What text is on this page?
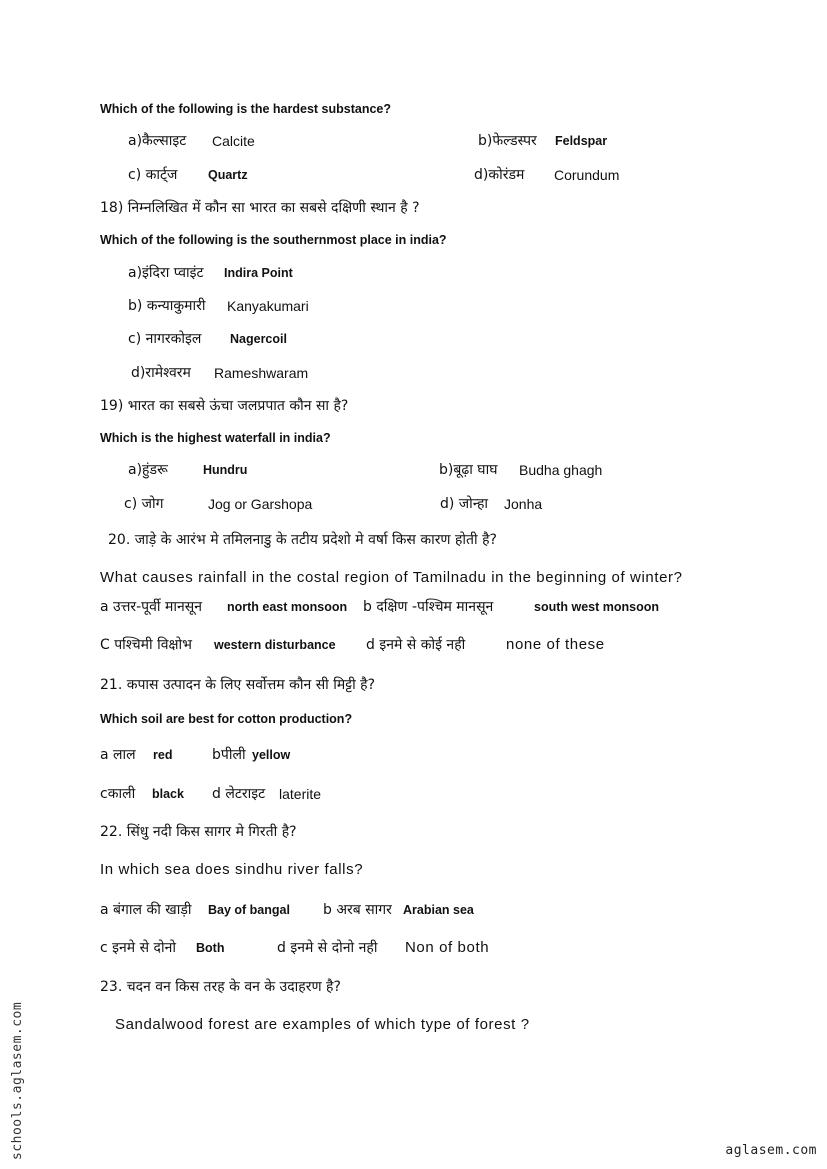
Which of the following is the hardest substance?
a)कैल्साइट Calcite	b)फेल्डस्पर Feldspar
c) कार्ट्ज Quartz	d)कोरंडम Corundum
18) निम्नलिखित में कौन सा भारत का सबसे दक्षिणी स्थान है ?
Which of the following is the southernmost place in india?
a)इंदिरा प्वाइंट Indira Point
b) कन्याकुमारी Kanyakumari
c) नागरकोइल Nagercoil
d)रामेश्वरम Rameshwaram
19) भारत का सबसे ऊंचा जलप्रपात कौन सा है?
Which is the highest waterfall in india?
a)हुंडरू	Hundru	b)बूढ़ा घाघ Budha ghagh
c) जोग	Jog or Garshopa	d) जोन्हा Jonha
20. जाड़े के आरंभ मे तमिलनाडु के तटीय प्रदेशो मे वर्षा किस कारण होती है?
What causes rainfall in the costal region of Tamilnadu in the beginning of winter?
a उत्तर-पूर्वी मानसून north east monsoon b दक्षिण -पश्चिम मानसून	south west monsoon
C पश्चिमी विक्षोभ western disturbance d इनमे से कोई नही	none of these
21. कपास उत्पादन के लिए सर्वोत्तम कौन सी मिट्टी है?
Which soil are best for cotton production?
a लाल red	bपीली yellow
cकाली black d लेटराइट laterite
22. सिंधु नदी किस सागर मे गिरती है?
In which sea does sindhu river falls?
a बंगाल की खाड़ी Bay of bangal b अरब सागर Arabian sea
c इनमे से दोनो Both	d इनमे से दोनो नही Non of both
23. चदन वन किस तरह के वन के उदाहरण है?
Sandalwood forest are examples of which type of forest ?
schools.aglasem.com	aglasem.com
